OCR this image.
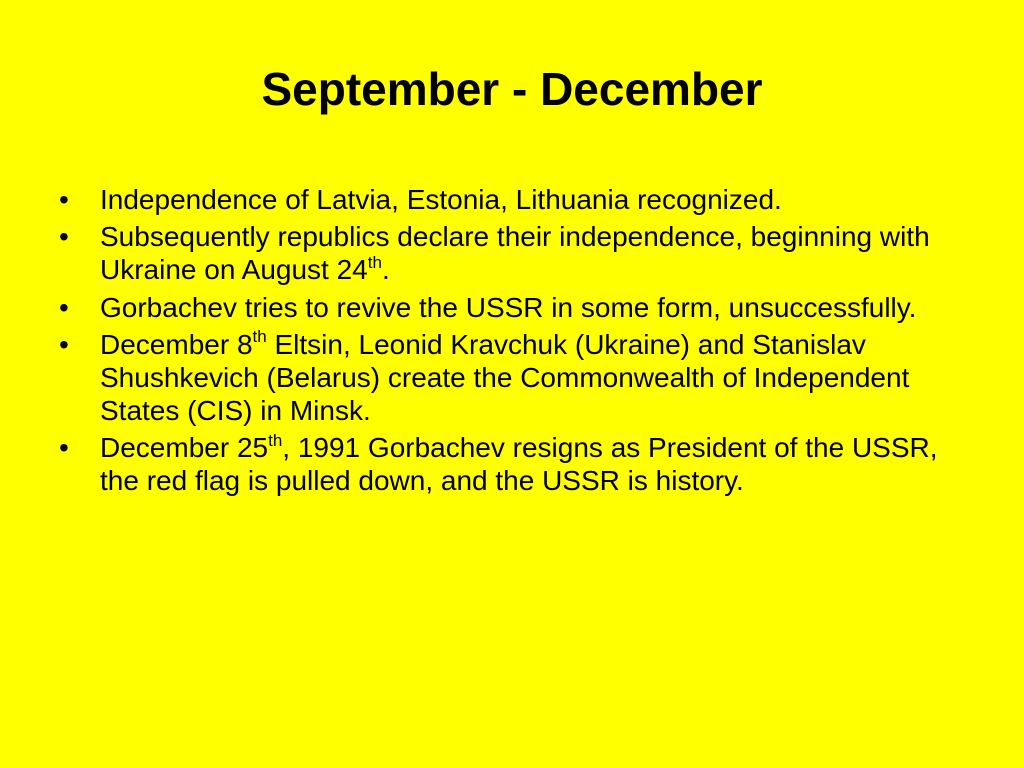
September - December
• Independence of Latvia, Estonia, Lithuania recognized.
• Subsequently republics declare their independence, beginning with Ukraine on August 24th.
• Gorbachev tries to revive the USSR in some form, unsuccessfully.
• December 8th Eltsin, Leonid Kravchuk (Ukraine) and Stanislav Shushkevich (Belarus) create the Commonwealth of Independent States (CIS) in Minsk.
• December 25th, 1991 Gorbachev resigns as President of the USSR, the red flag is pulled down, and the USSR is history.
